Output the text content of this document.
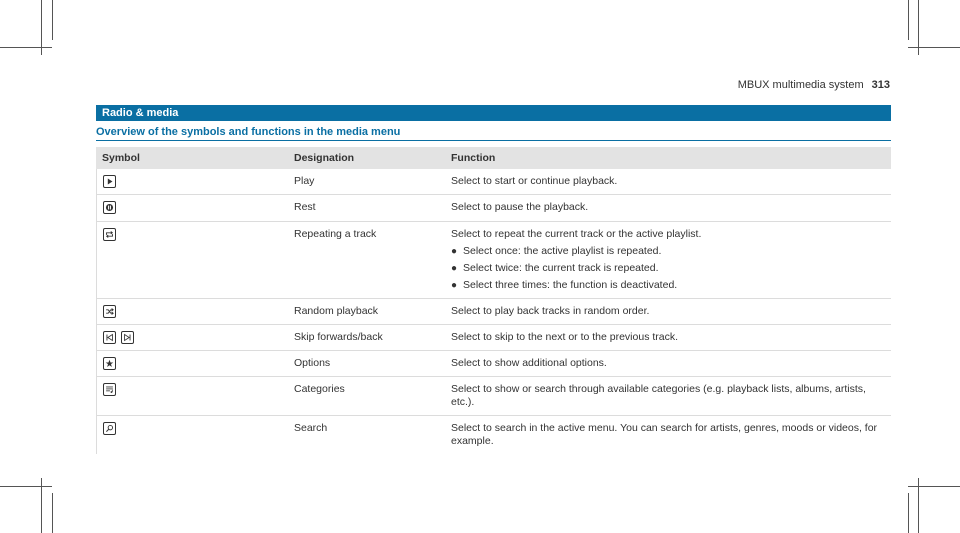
MBUX multimedia system 313
Radio & media
Overview of the symbols and functions in the media menu
Symbol	Designation	Function
Play	Select to start or continue playback.
Rest	Select to pause the playback.
Repeating a track	Select to repeat the current track or the active playlist.
● Select once: the active playlist is repeated.
● Select twice: the current track is repeated.
● Select three times: the function is deactivated.
Random playback	Select to play back tracks in random order.

Skip forwards/back	Select to skip to the next or to the previous track.
Options	Select to show additional options.
Categories	Select to show or search through available categories (e.g. playback lists, albums, artists, etc.).
Search	Select to search in the active menu. You can search for artists, genres, moods or videos, for example.
